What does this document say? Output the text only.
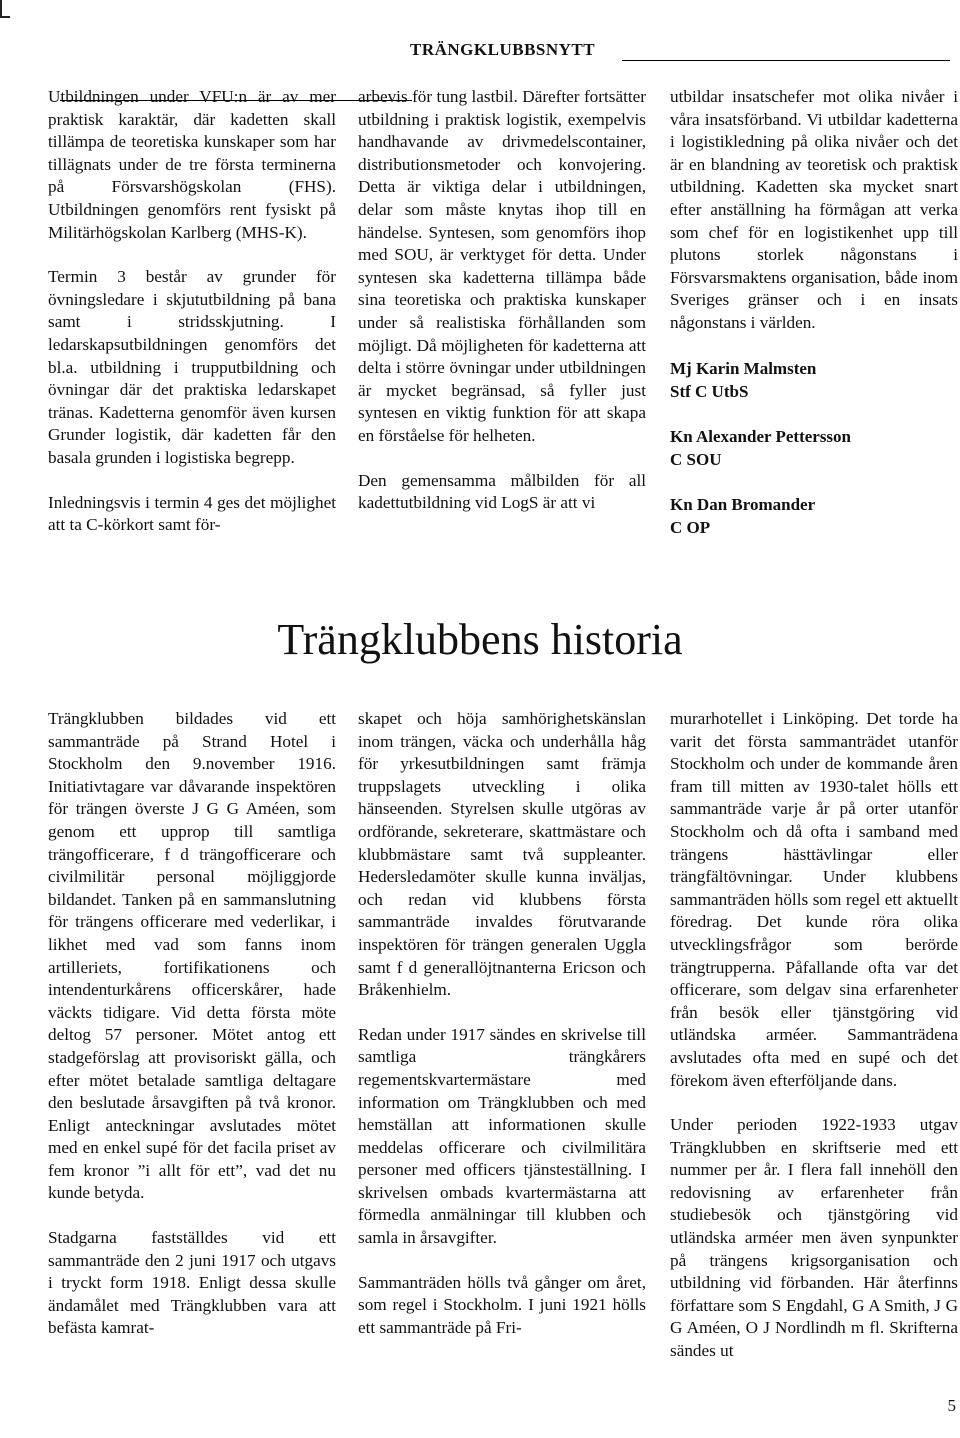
TRÄNGKLUBBSNYTT

Utbildningen under VFU:n är av mer praktisk karaktär, där kadetten skall tillämpa de teoretiska kunskaper som har tillägnats under de tre första terminerna på Försvarshögskolan (FHS). Utbildningen genomförs rent fysiskt på Militärhögskolan Karlberg (MHS-K).

Termin 3 består av grunder för övningsledare i skjututbildning på bana samt i stridsskjutning. I ledarskapsutbildningen genomförs det bl.a. utbildning i trupputbildning och övningar där det praktiska ledarskapet tränas. Kadetterna genomför även kursen Grunder logistik, där kadetten får den basala grunden i logistiska begrepp.

Inledningsvis i termin 4 ges det möjlighet att ta C-körkort samt för-

arbevis för tung lastbil. Därefter fortsätter utbildning i praktisk logistik, exempelvis handhavande av drivmedelscontainer, distributionsmetoder och konvojering. Detta är viktiga delar i utbildningen, delar som måste knytas ihop till en händelse. Syntesen, som genomförs ihop med SOU, är verktyget för detta. Under syntesen ska kadetterna tillämpa både sina teoretiska och praktiska kunskaper under så realistiska förhållanden som möjligt. Då möjligheten för kadetterna att delta i större övningar under utbildningen är mycket begränsad, så fyller just syntesen en viktig funktion för att skapa en förståelse för helheten.

Den gemensamma målbilden för all kadettutbildning vid LogS är att vi

utbildar insatschefer mot olika nivåer i våra insatsförband. Vi utbildar kadetterna i logistikledning på olika nivåer och det är en blandning av teoretisk och praktisk utbildning. Kadetten ska mycket snart efter anställning ha förmågan att verka som chef för en logistikenhet upp till plutons storlek någonstans i Försvarsmaktens organisation, både inom Sveriges gränser och i en insats någonstans i världen.

Mj Karin Malmsten
Stf C UtbS
Kn Alexander Pettersson
C SOU
Kn Dan Bromander
C OP
Trängklubbens historia

Trängklubben bildades vid ett sammanträde på Strand Hotel i Stockholm den 9.november 1916. Initiativtagare var dåvarande inspektören för trängen överste J G G Améen, som genom ett upprop till samtliga trängofficerare, f d trängofficerare och civilmilitär personal möjliggjorde bildandet. Tanken på en sammanslutning för trängens officerare med vederlikar, i likhet med vad som fanns inom artilleriets, fortifikationens och intendenturkårens officerskårer, hade väckts tidigare. Vid detta första möte deltog 57 personer. Mötet antog ett stadgeförslag att provisoriskt gälla, och efter mötet betalade samtliga deltagare den beslutade årsavgiften på två kronor. Enligt anteckningar avslutades mötet med en enkel supé för det facila priset av fem kronor ”i allt för ett”, vad det nu kunde betyda.

Stadgarna fastställdes vid ett sammanträde den 2 juni 1917 och utgavs i tryckt form 1918. Enligt dessa skulle ändamålet med Trängklubben vara att befästa kamrat-

skapet och höja samhörighetskänslan inom trängen, väcka och underhålla håg för yrkesutbildningen samt främja truppslagets utveckling i olika hänseenden. Styrelsen skulle utgöras av ordförande, sekreterare, skattmästare och klubbmästare samt två suppleanter. Hedersledamöter skulle kunna inväljas, och redan vid klubbens första sammanträde invaldes förutvarande inspektören för trängen generalen Uggla samt f d generallöjtnanterna Ericson och Bråkenhielm.

Redan under 1917 sändes en skrivelse till samtliga trängkårers regementskvartermästare med information om Trängklubben och med hemställan att informationen skulle meddelas officerare och civilmilitära personer med officers tjänsteställning. I skrivelsen ombads kvartermästarna att förmedla anmälningar till klubben och samla in årsavgifter.

Sammanträden hölls två gånger om året, som regel i Stockholm. I juni 1921 hölls ett sammanträde på Fri-

murarhotellet i Linköping. Det torde ha varit det första sammanträdet utanför Stockholm och under de kommande åren fram till mitten av 1930-talet hölls ett sammanträde varje år på orter utanför Stockholm och då ofta i samband med trängens hästtävlingar eller trängfältövningar. Under klubbens sammanträden hölls som regel ett aktuellt föredrag. Det kunde röra olika utvecklingsfrågor som berörde trängtrupperna. Påfallande ofta var det officerare, som delgav sina erfarenheter från besök eller tjänstgöring vid utländska arméer. Sammanträdena avslutades ofta med en supé och det förekom även efterföljande dans.

Under perioden 1922-1933 utgav Trängklubben en skriftserie med ett nummer per år. I flera fall innehöll den redovisning av erfarenheter från studiebesök och tjänstgöring vid utländska arméer men även synpunkter på trängens krigsorganisation och utbildning vid förbanden. Här återfinns författare som S Engdahl, G A Smith, J G G Améen, O J Nordlindh m fl. Skrifterna sändes ut

5
